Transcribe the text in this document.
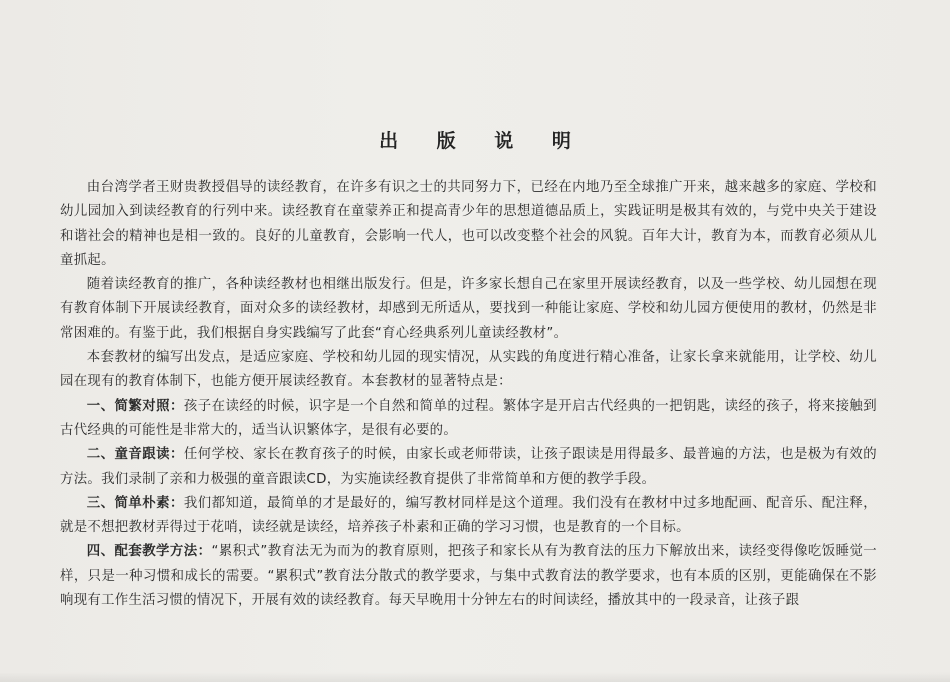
出 版 说 明

由台湾学者王财贵教授倡导的读经教育，在许多有识之士的共同努力下，已经在内地乃至全球推广开来，越来越多的家庭、学校和幼儿园加入到读经教育的行列中来。读经教育在童蒙养正和提高青少年的思想道德品质上，实践证明是极其有效的，与党中央关于建设和谐社会的精神也是相一致的。良好的儿童教育，会影响一代人，也可以改变整个社会的风貌。百年大计，教育为本，而教育必须从儿童抓起。

随着读经教育的推广，各种读经教材也相继出版发行。但是，许多家长想自己在家里开展读经教育，以及一些学校、幼儿园想在现有教育体制下开展读经教育，面对众多的读经教材，却感到无所适从，要找到一种能让家庭、学校和幼儿园方便使用的教材，仍然是非常困难的。有鉴于此，我们根据自身实践编写了此套“育心经典系列儿童读经教材”。

本套教材的编写出发点，是适应家庭、学校和幼儿园的现实情况，从实践的角度进行精心准备，让家长拿来就能用，让学校、幼儿园在现有的教育体制下，也能方便开展读经教育。本套教材的显著特点是：

一、简繁对照：孩子在读经的时候，识字是一个自然和简单的过程。繁体字是开启古代经典的一把钥匙，读经的孩子，将来接触到古代经典的可能性是非常大的，适当认识繁体字，是很有必要的。

二、童音跟读：任何学校、家长在教育孩子的时候，由家长或老师带读，让孩子跟读是用得最多、最普遍的方法，也是极为有效的方法。我们录制了亲和力极强的童音跟读CD，为实施读经教育提供了非常简单和方便的教学手段。

三、简单朴素：我们都知道，最简单的才是最好的，编写教材同样是这个道理。我们没有在教材中过多地配画、配音乐、配注释，就是不想把教材弄得过于花哨，读经就是读经，培养孩子朴素和正确的学习习惯，也是教育的一个目标。

四、配套教学方法：“累积式”教育法无为而为的教育原则，把孩子和家长从有为教育法的压力下解放出来，读经变得像吃饭睡觉一样，只是一种习惯和成长的需要。“累积式”教育法分散式的教学要求，与集中式教育法的教学要求，也有本质的区别，更能确保在不影响现有工作生活习惯的情况下，开展有效的读经教育。每天早晚用十分钟左右的时间读经，播放其中的一段录音，让孩子跟
